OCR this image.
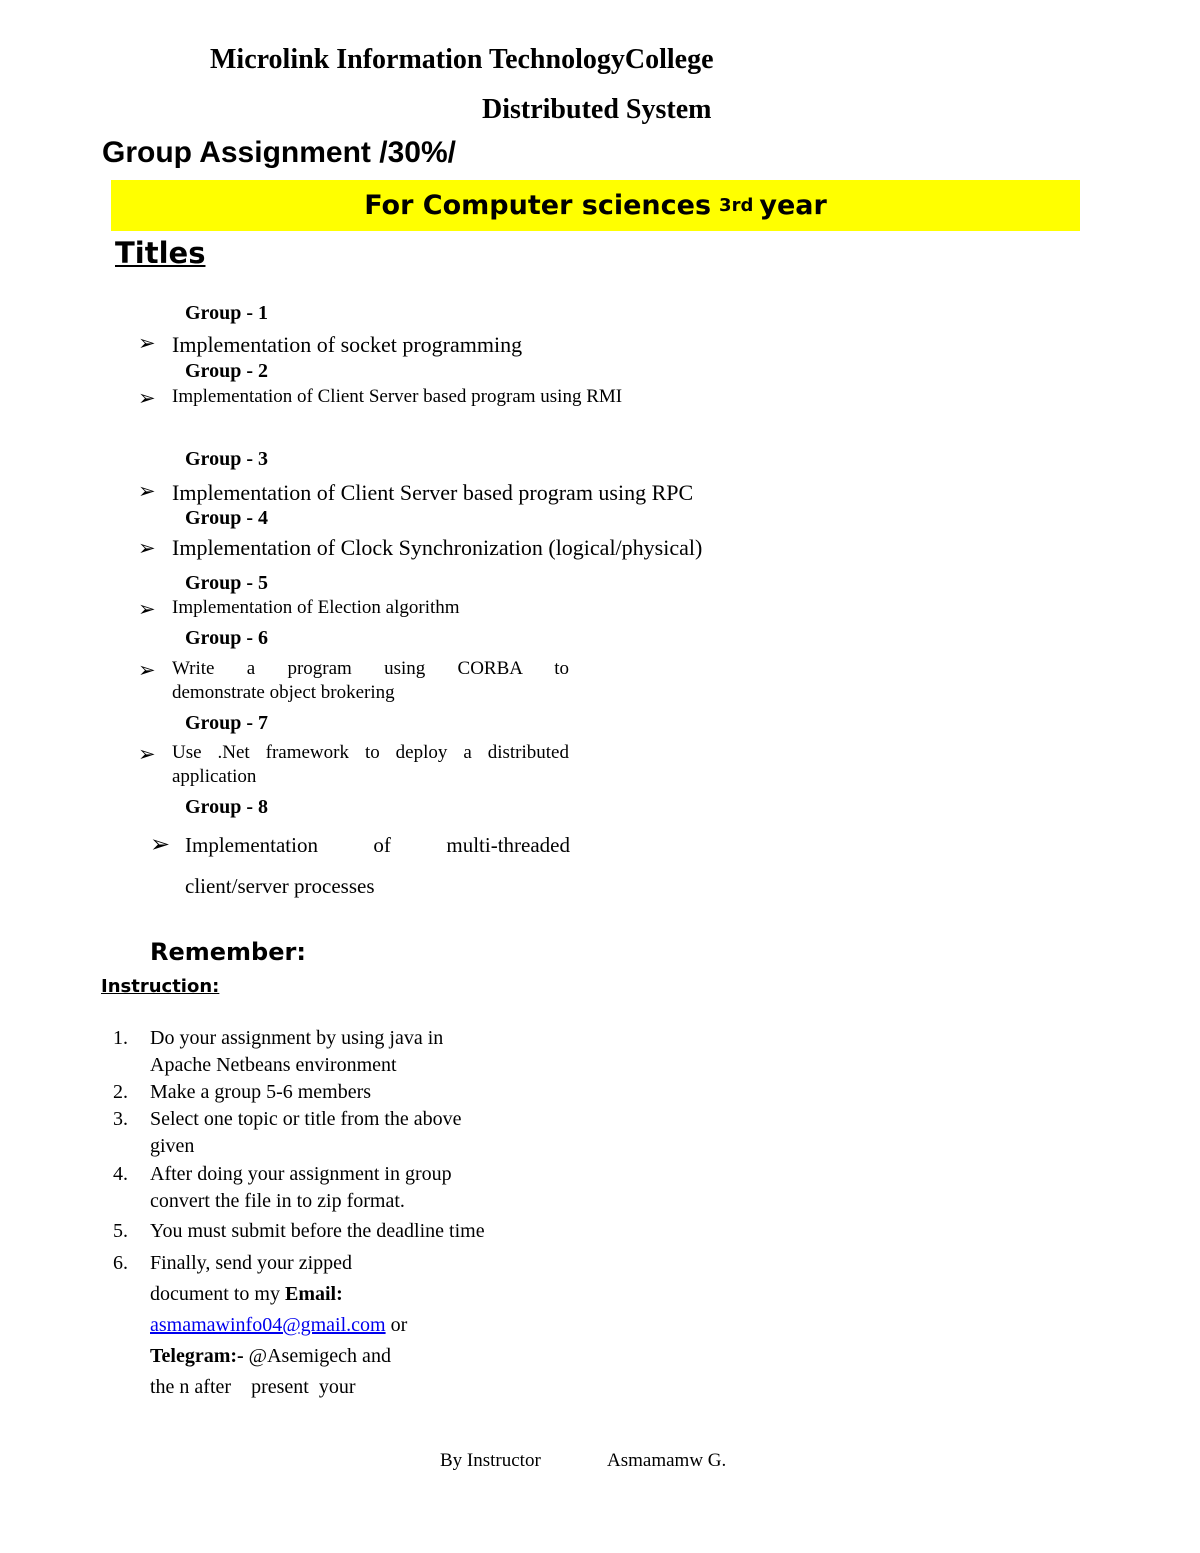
Microlink Information TechnologyCollege
Distributed System
Group Assignment /30%/
For Computer sciences 3rd year
Titles
Group - 1
➢ Implementation of socket programming
Group - 2
➢ Implementation of Client Server based program using RMI
Group - 3
➢ Implementation of Client Server based program using RPC
Group - 4
➢ Implementation of Clock Synchronization (logical/physical)
Group - 5
➢ Implementation of Election algorithm
Group - 6
➢ Write a program using CORBA to
demonstrate object brokering
Group - 7
➢ Use .Net framework to deploy a distributed
application
Group - 8
➢ Implementation of multi-threaded
client/server processes
Remember:
Instruction:
1. Do your assignment by using java in
Apache Netbeans environment
2. Make a group 5-6 members
3. Select one topic or title from the above
given
4. After doing your assignment in group
convert the file in to zip format.
5. You must submit before the deadline time
6. Finally, send your zipped
document to my Email:
asmamawinfo04@gmail.com or
Telegram:- @Asemigech and
the n after    present  your
By Instructor	Asmamamw G.
